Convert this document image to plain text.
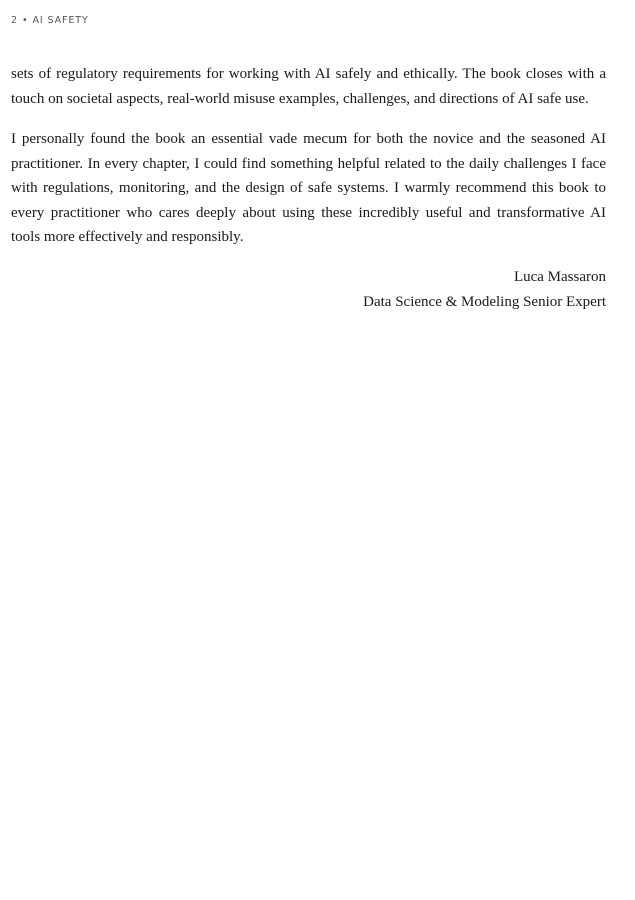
2 • AI SAFETY

sets of regulatory requirements for working with AI safely and ethically. The book closes with a touch on societal aspects, real-world misuse examples, challenges, and directions of AI safe use.

I personally found the book an essential vade mecum for both the novice and the seasoned AI practitioner. In every chapter, I could find something helpful related to the daily challenges I face with regulations, monitoring, and the design of safe systems. I warmly recommend this book to every practitioner who cares deeply about using these incredibly useful and transformative AI tools more effectively and responsibly.

Luca Massaron
Data Science & Modeling Senior Expert
